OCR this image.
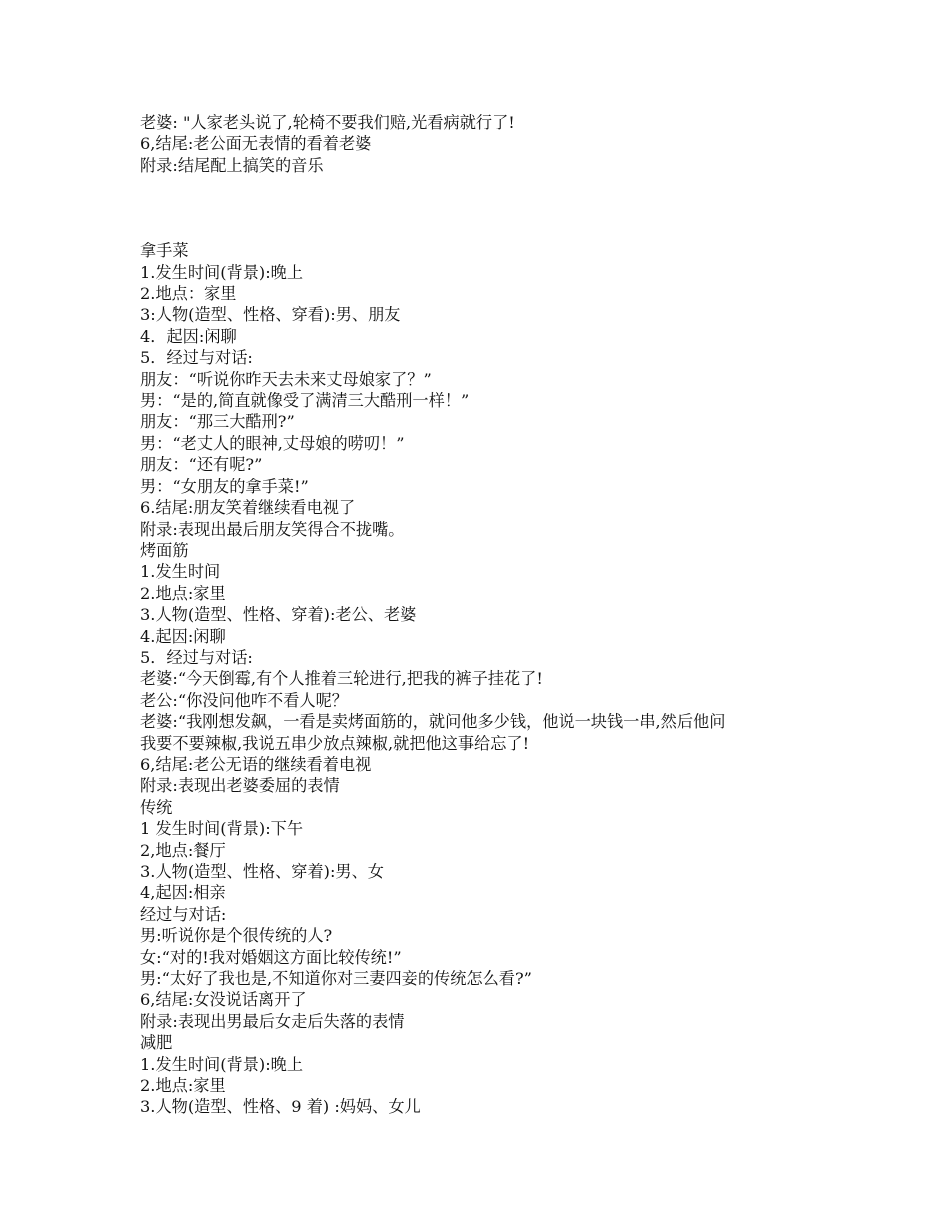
老婆: "人家老头说了,轮椅不要我们赔,光看病就行了!

6,结尾:老公面无表情的看着老婆

附录:结尾配上搞笑的音乐

拿手菜

1.发生时间(背景):晚上

2.地点：家里

3:人物(造型、性格、穿看):男、朋友

4．起因:闲聊

5．经过与对话:

朋友：“听说你昨天去未来丈母娘家了？”

男：“是的,简直就像受了满清三大酷刑一样！”

朋友：“那三大酷刑?”

男：“老丈人的眼神,丈母娘的唠叨！”

朋友：“还有呢?”

男：“女朋友的拿手菜!”

6.结尾:朋友笑着继续看电视了

附录:表现出最后朋友笑得合不拢嘴。

烤面筋

1.发生时间

2.地点:家里

3.人物(造型、性格、穿着):老公、老婆

4.起因:闲聊

5．经过与对话:

老婆:“今天倒霉,有个人推着三轮进行,把我的裤子挂花了!

老公:“你没问他咋不看人呢？

老婆:“我刚想发飙，一看是卖烤面筋的，就问他多少钱，他说一块钱一串,然后他问

我要不要辣椒,我说五串少放点辣椒,就把他这事给忘了!

6,结尾:老公无语的继续看着电视

附录:表现出老婆委屈的表情

传统

1 发生时间(背景):下午

2,地点:餐厅

3.人物(造型、性格、穿着):男、女

4,起因:相亲

经过与对话:

男:听说你是个很传统的人?

女:“对的!我对婚姻这方面比较传统!”

男:“太好了我也是,不知道你对三妻四妾的传统怎么看?”

6,结尾:女没说话离开了

附录:表现出男最后女走后失落的表情

减肥

1.发生时间(背景):晚上

2.地点:家里

3.人物(造型、性格、9 着) :妈妈、女儿
